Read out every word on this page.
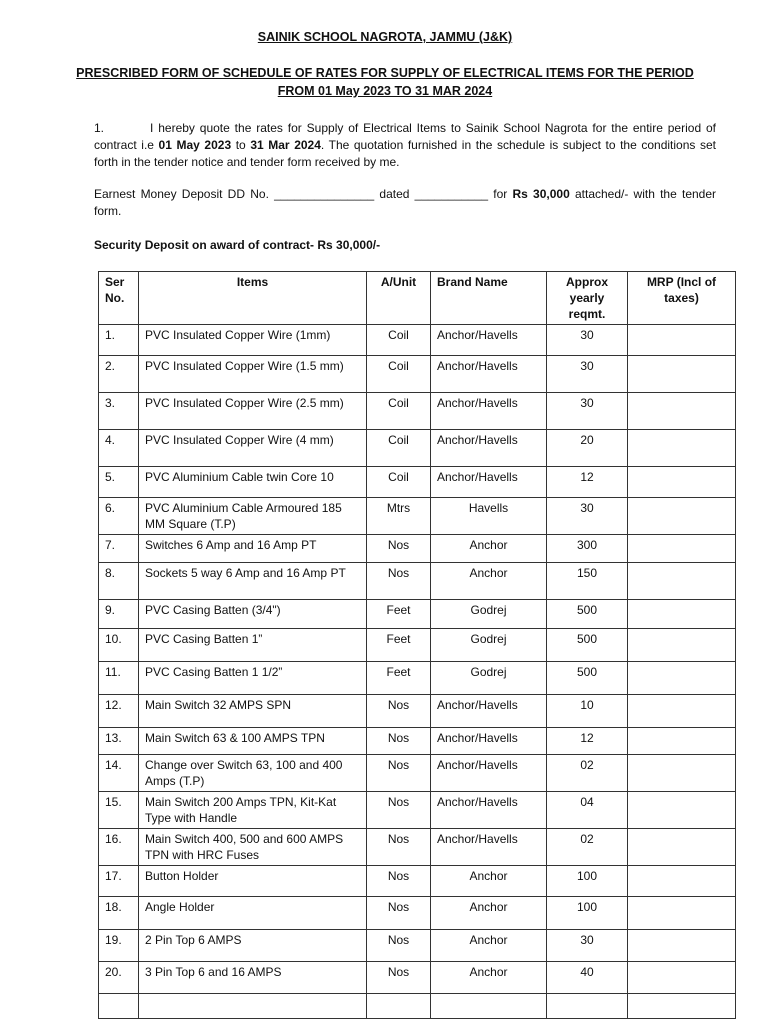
SAINIK SCHOOL NAGROTA, JAMMU (J&K)
PRESCRIBED FORM OF SCHEDULE OF RATES FOR SUPPLY OF ELECTRICAL ITEMS FOR THE PERIOD
FROM 01 May 2023 TO 31 MAR 2024
1.	I hereby quote the rates for Supply of Electrical Items to Sainik School Nagrota for the entire period of contract i.e 01 May 2023 to 31 Mar 2024. The quotation furnished in the schedule is subject to the conditions set forth in the tender notice and tender form received by me.
Earnest Money Deposit DD No. _______________ dated ___________ for Rs 30,000 attached/- with the tender form.
Security Deposit on award of contract- Rs 30,000/-
Ser No.	Items	A/Unit	Brand Name	Approx yearly reqmt.	MRP (Incl of taxes)
1.	PVC Insulated Copper Wire (1mm)	Coil	Anchor/Havells	30	
2.	PVC Insulated Copper Wire (1.5 mm)	Coil	Anchor/Havells	30	
3.	PVC Insulated Copper Wire (2.5 mm)	Coil	Anchor/Havells	30	
4.	PVC Insulated Copper Wire (4 mm)	Coil	Anchor/Havells	20	
5.	PVC Aluminium Cable twin Core 10	Coil	Anchor/Havells	12	
6.	PVC Aluminium Cable Armoured 185 MM Square (T.P)	Mtrs	Havells	30	
7.	Switches 6 Amp and 16 Amp PT	Nos	Anchor	300	
8.	Sockets 5 way 6 Amp and 16 Amp PT	Nos	Anchor	150	
9.	PVC Casing Batten (3/4")	Feet	Godrej	500	
10.	PVC Casing Batten 1”	Feet	Godrej	500	
11.	PVC Casing Batten 1 1/2”	Feet	Godrej	500	
12.	Main Switch 32 AMPS SPN	Nos	Anchor/Havells	10	
13.	Main Switch 63 & 100 AMPS TPN	Nos	Anchor/Havells	12	
14.	Change over Switch 63, 100 and 400 Amps (T.P)	Nos	Anchor/Havells	02	
15.	Main Switch 200 Amps TPN, Kit-Kat Type with Handle	Nos	Anchor/Havells	04	
16.	Main Switch 400, 500 and 600 AMPS TPN with HRC Fuses	Nos	Anchor/Havells	02	
17.	Button Holder	Nos	Anchor	100	
18.	Angle Holder	Nos	Anchor	100	
19.	2 Pin Top 6 AMPS	Nos	Anchor	30	
20.	3 Pin Top 6 and 16 AMPS	Nos	Anchor	40	
